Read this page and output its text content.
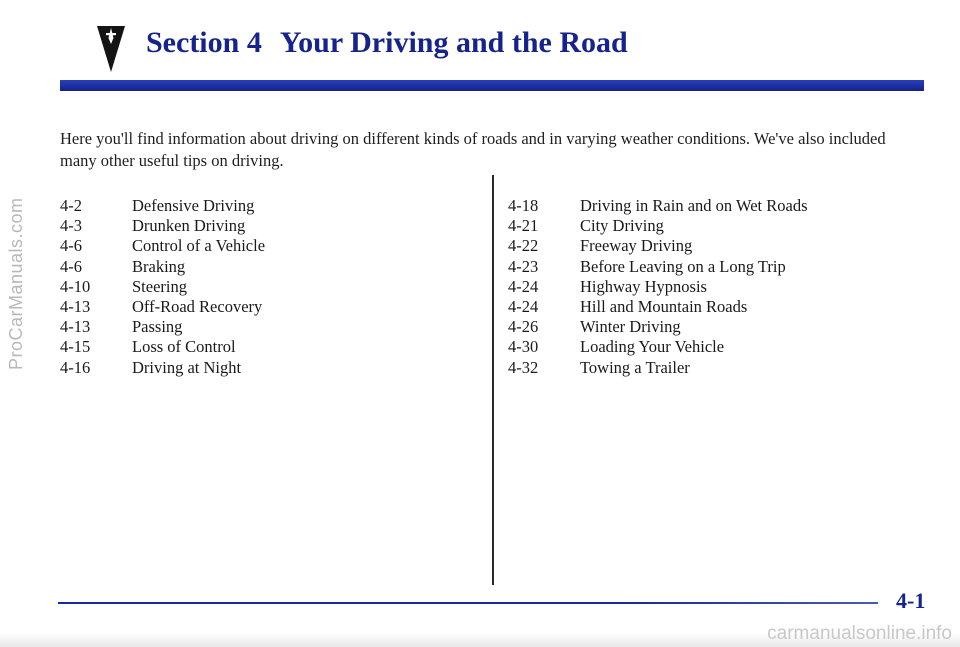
ProCarManuals.com
Section 4 Your Driving and the Road
Here you'll find information about driving on different kinds of roads and in varying weather conditions. We've also included many other useful tips on driving.
4-2	Defensive Driving
4-3	Drunken Driving
4-6	Control of a Vehicle
4-6	Braking
4-10	Steering
4-13	Off-Road Recovery
4-13	Passing
4-15	Loss of Control
4-16	Driving at Night
4-18	Driving in Rain and on Wet Roads
4-21	City Driving
4-22	Freeway Driving
4-23	Before Leaving on a Long Trip
4-24	Highway Hypnosis
4-24	Hill and Mountain Roads
4-26	Winter Driving
4-30	Loading Your Vehicle
4-32	Towing a Trailer
4-1
carmanualsonline.info
